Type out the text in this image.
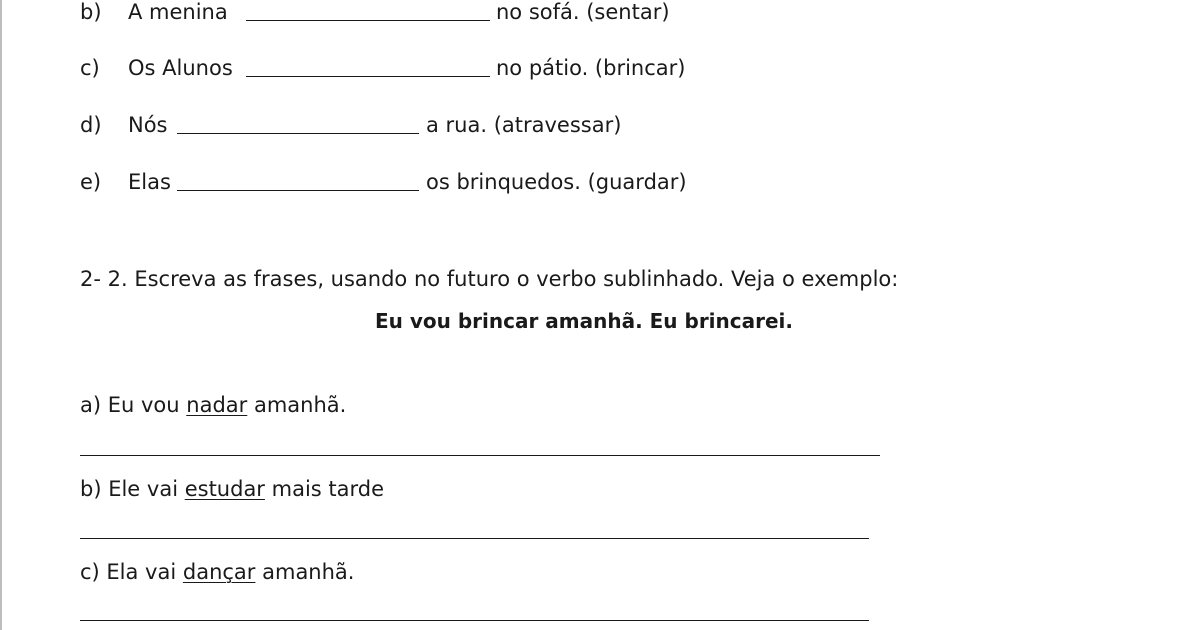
b) A menina	no sofá. (sentar)
c) Os Alunos	no pátio. (brincar)
d) Nós	a rua. (atravessar)
e) Elas	os brinquedos. (guardar)
2- 2. Escreva as frases, usando no futuro o verbo sublinhado. Veja o exemplo:
Eu vou brincar amanhã. Eu brincarei.
a) Eu vou nadar amanhã.
b) Ele vai estudar mais tarde
c) Ela vai dançar amanhã.
